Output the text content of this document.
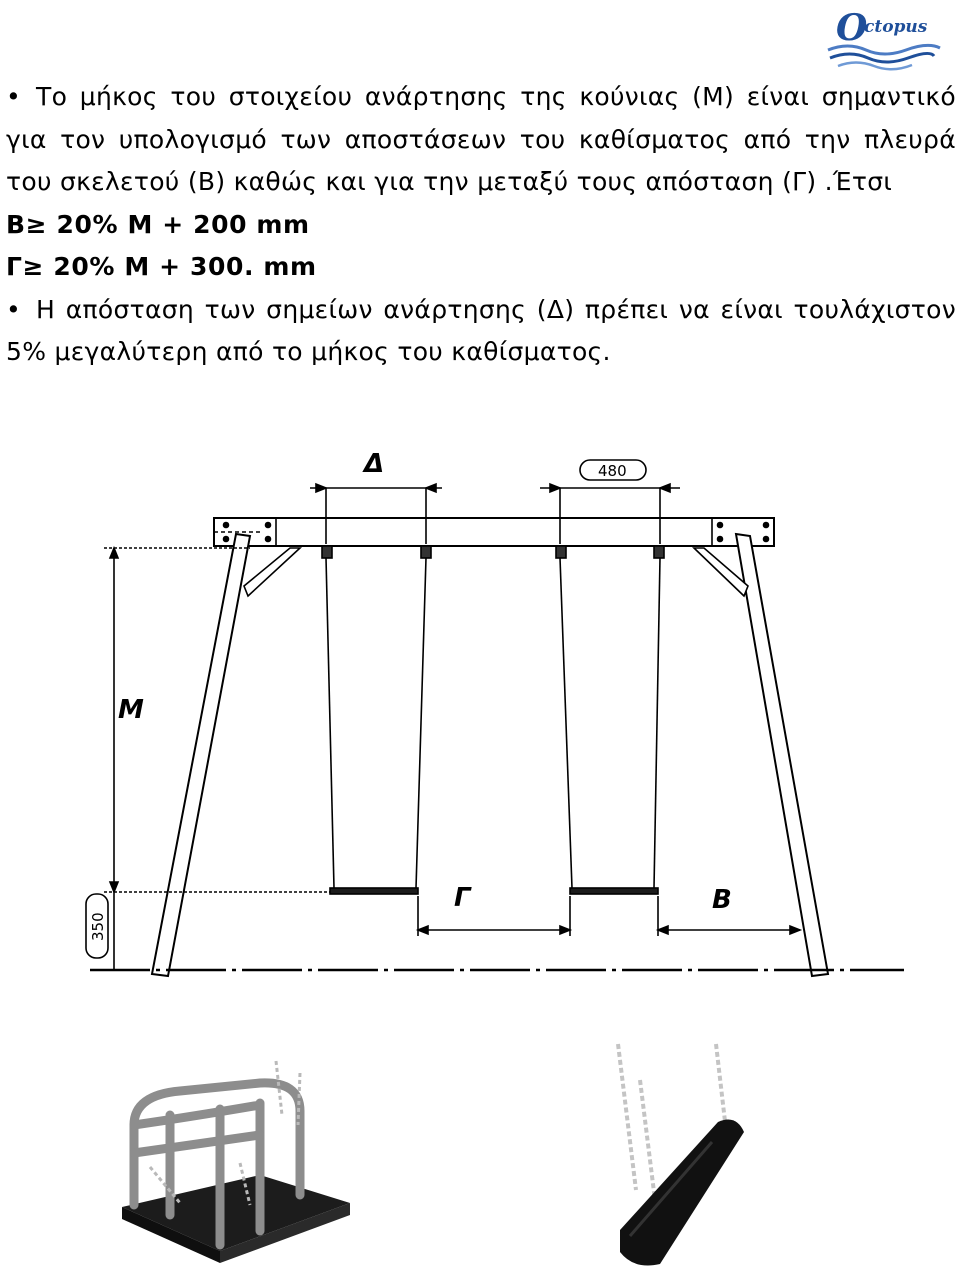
O
ctopus

• Το μήκος του στοιχείου ανάρτησης της κούνιας (Μ) είναι σημαντικό για τον υπολογισμό των αποστάσεων του καθίσματος από την πλευρά του σκελετού (Β) καθώς και για την μεταξύ τους απόσταση (Γ) .Έτσι

Β≥ 20% Μ + 200 mm

Γ≥ 20% Μ + 300. mm

• Η απόσταση των σημείων ανάρτησης (Δ) πρέπει να είναι τουλάχιστον 5% μεγαλύτερη από το μήκος του καθίσματος.

Δ	480
M
350
Γ	B
